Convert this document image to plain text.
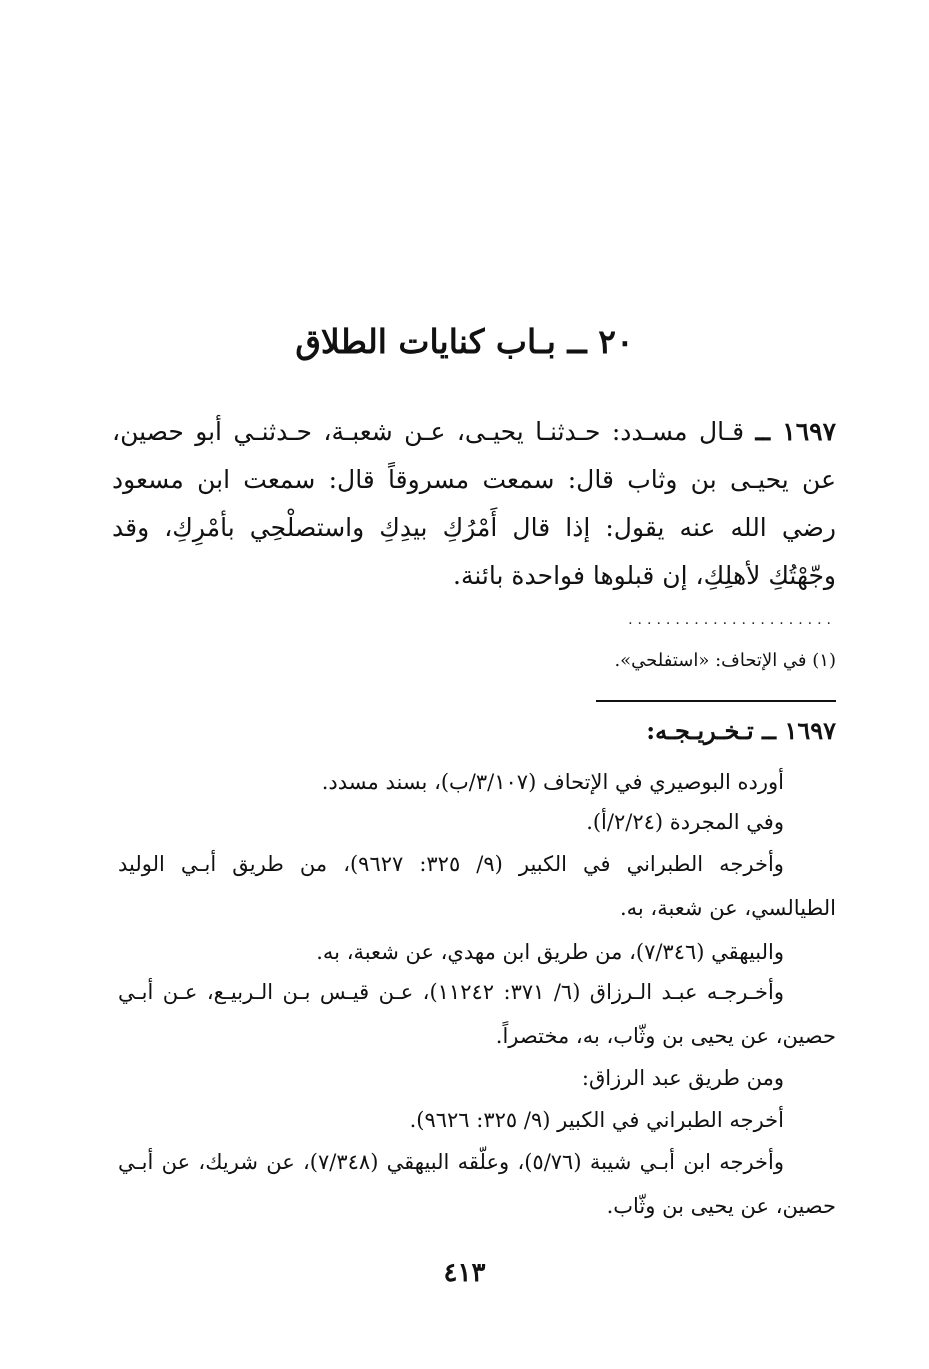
٢٠ ــ بـاب كنايات الطلاق

١٦٩٧ ــ قـال مسـدد: حـدثنـا يحيـى، عـن شعبـة، حـدثنـي أبو حصين، عن يحيـى بن وثاب قال: سمعت مسروقاً قال: سمعت ابن مسعود رضي الله عنه يقول: إذا قال أَمْرُكِ بيدِكِ واستصلْحِي بأمْرِكِ، وقد وجّهْتُكِ لأهلِكِ، إن قبلوها فواحدة بائنة.

......................

(١) في الإتحاف: «استفلحي».

١٦٩٧ ــ تـخـريـجـه:

أورده البوصيري في الإتحاف (٣/١٠٧/ب)، بسند مسدد.

وفي المجردة (٢/٢٤/أ).

وأخرجه الطبراني في الكبير (٩/ ٣٢٥: ٩٦٢٧)، من طريق أبـي الوليد الطيالسي، عن شعبة، به.

والبيهقي (٧/٣٤٦)، من طريق ابن مهدي، عن شعبة، به.

وأخـرجـه عبـد الـرزاق (٦/ ٣٧١: ١١٢٤٢)، عـن قيـس بـن الـربيـع، عـن أبـي حصين، عن يحيى بن وثّاب، به، مختصراً.

ومن طريق عبد الرزاق:

أخرجه الطبراني في الكبير (٩/ ٣٢٥: ٩٦٢٦).

وأخرجه ابن أبـي شيبة (٥/٧٦)، وعلّقه البيهقي (٧/٣٤٨)، عن شريك، عن أبـي حصين، عن يحيى بن وثّاب.

٤١٣
